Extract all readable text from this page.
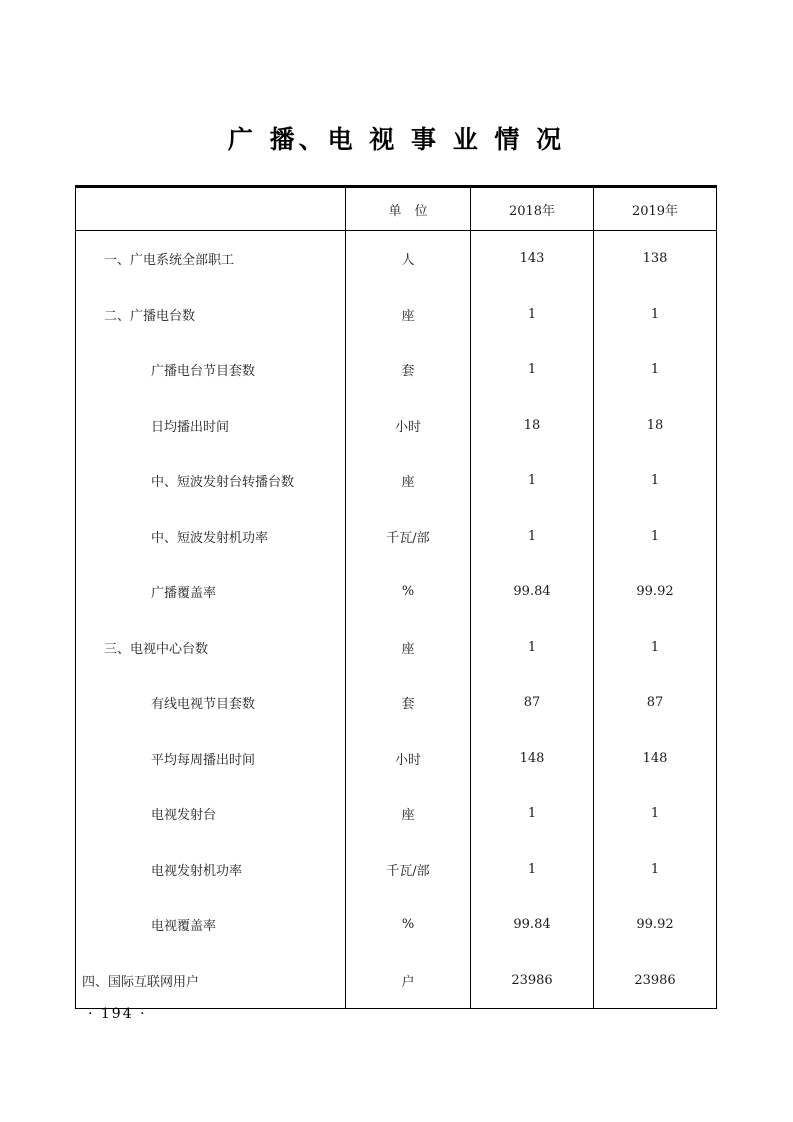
广 播、电 视 事 业 情 况
	单　位	2018年	2019年
一、广电系统全部职工	人	143	138
二、广播电台数	座	1	1
广播电台节目套数	套	1	1
日均播出时间	小时	18	18
中、短波发射台转播台数	座	1	1
中、短波发射机功率	千瓦/部	1	1
广播覆盖率	%	99.84	99.92
三、电视中心台数	座	1	1
有线电视节目套数	套	87	87
平均每周播出时间	小时	148	148
电视发射台	座	1	1
电视发射机功率	千瓦/部	1	1
电视覆盖率	%	99.84	99.92
四、国际互联网用户	户	23986	23986
· 194 ·
